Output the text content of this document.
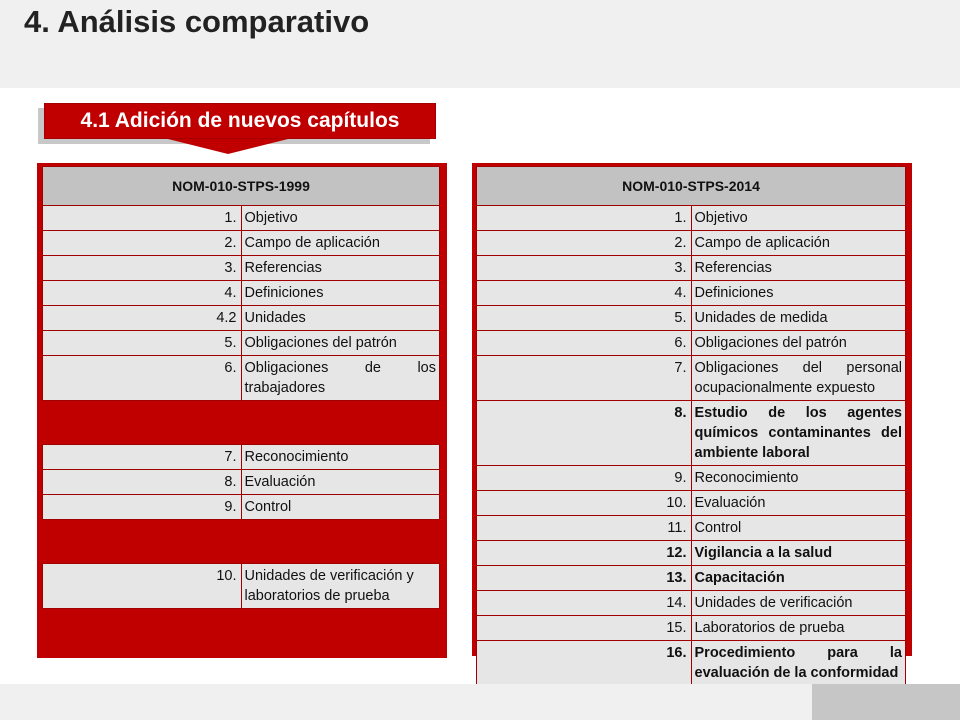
4. Análisis comparativo
4.1 Adición de nuevos capítulos
NOM-010-STPS-1999	
1.	Objetivo
2.	Campo de aplicación
3.	Referencias
4.	Definiciones
4.2	Unidades
5.	Obligaciones del patrón
6.	Obligaciones de los trabajadores

7.	Reconocimiento
8.	Evaluación
9.	Control

10.	Unidades de verificación y laboratorios de prueba
NOM-010-STPS-2014	
1.	Objetivo
2.	Campo de aplicación
3.	Referencias
4.	Definiciones
5.	Unidades de medida
6.	Obligaciones del patrón
7.	Obligaciones del personal ocupacionalmente expuesto
8.	Estudio de los agentes químicos contaminantes del ambiente laboral
9.	Reconocimiento
10.	Evaluación
11.	Control
12.	Vigilancia a la salud
13.	Capacitación
14.	Unidades de verificación
15.	Laboratorios de prueba
16.	Procedimiento para la evaluación de la conformidad
